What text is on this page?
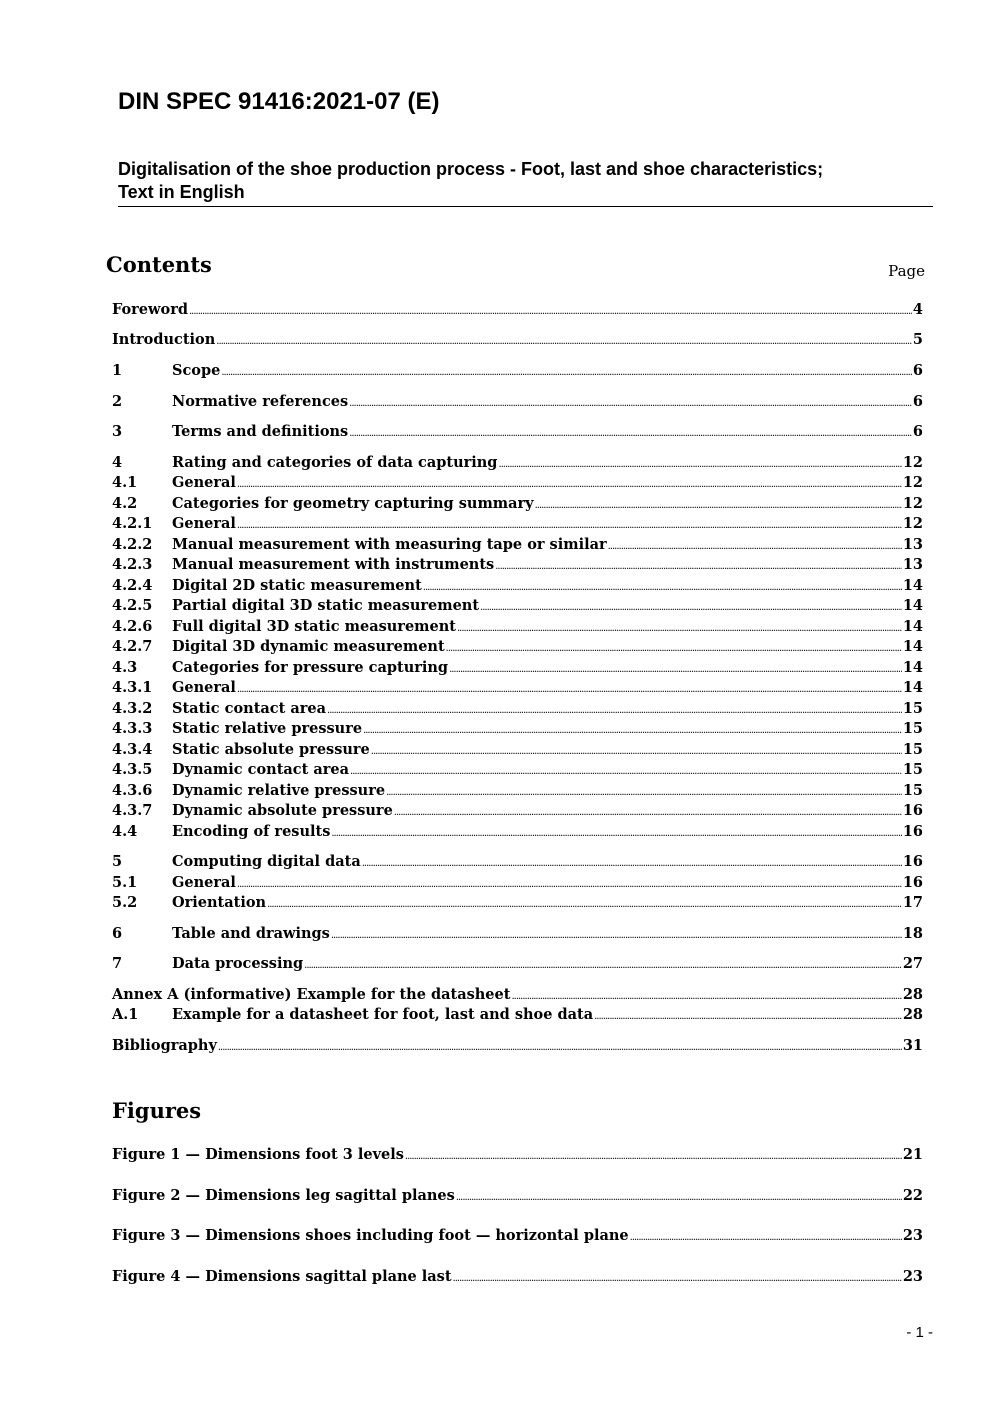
DIN SPEC 91416:2021-07 (E)
Digitalisation of the shoe production process - Foot, last and shoe characteristics;
Text in English
Contents	Page
Foreword .....	4
Introduction .....	5
1	Scope .....	6
2	Normative references .....	6
3	Terms and definitions .....	6
4	Rating and categories of data capturing .....	12
4.1	General .....	12
4.2	Categories for geometry capturing summary .....	12
4.2.1	General .....	12
4.2.2	Manual measurement with measuring tape or similar .....	13
4.2.3	Manual measurement with instruments .....	13
4.2.4	Digital 2D static measurement .....	14
4.2.5	Partial digital 3D static measurement .....	14
4.2.6	Full digital 3D static measurement .....	14
4.2.7	Digital 3D dynamic measurement .....	14
4.3	Categories for pressure capturing .....	14
4.3.1	General .....	14
4.3.2	Static contact area .....	15
4.3.3	Static relative pressure .....	15
4.3.4	Static absolute pressure .....	15
4.3.5	Dynamic contact area .....	15
4.3.6	Dynamic relative pressure .....	15
4.3.7	Dynamic absolute pressure .....	16
4.4	Encoding of results .....	16
5	Computing digital data .....	16
5.1	General .....	16
5.2	Orientation .....	17
6	Table and drawings .....	18
7	Data processing .....	27
Annex A (informative) Example for the datasheet .....	28
A.1	Example for a datasheet for foot, last and shoe data .....	28
Bibliography .....	31
Figures
Figure 1 — Dimensions foot 3 levels .....	21
Figure 2 — Dimensions leg sagittal planes .....	22
Figure 3 — Dimensions shoes including foot — horizontal plane .....	23
Figure 4 — Dimensions sagittal plane last .....	23
- 1 -
